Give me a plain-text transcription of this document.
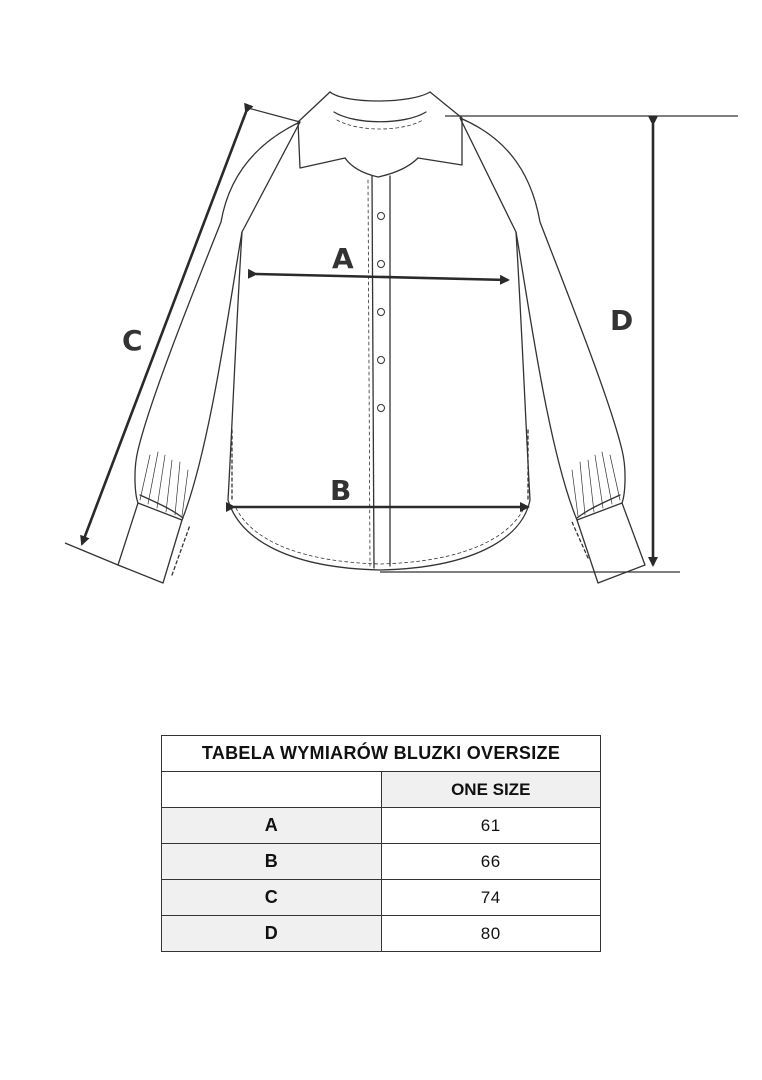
A
B
C
D
TABELA WYMIARÓW BLUZKI OVERSIZE	
	ONE SIZE
A	61
B	66
C	74
D	80
